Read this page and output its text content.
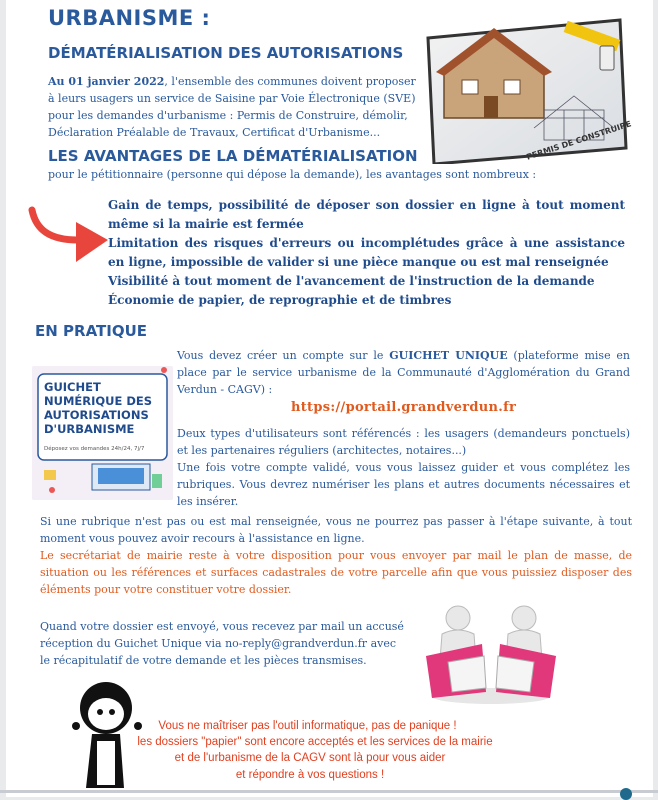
URBANISME :
DÉMATÉRIALISATION DES AUTORISATIONS
Au 01 janvier 2022, l'ensemble des communes doivent proposer
à leurs usagers un service de Saisine par Voie Électronique (SVE)
pour les demandes d'urbanisme : Permis de Construire, démolir,
Déclaration Préalable de Travaux, Certificat d'Urbanisme...	PERMIS DE CONSTRUIRE
LES AVANTAGES DE LA DÉMATÉRIALISATION
pour le pétitionnaire (personne qui dépose la demande), les avantages sont nombreux :
Gain de temps, possibilité de déposer son dossier en ligne à tout moment même si la mairie est fermée
Limitation des risques d'erreurs ou incomplétudes grâce à une assistance en ligne, impossible de valider si une pièce manque ou est mal renseignée
Visibilité à tout moment de l'avancement de l'instruction de la demande
Économie de papier, de reprographie et de timbres
EN PRATIQUE
GUICHET
NUMÉRIQUE DES
AUTORISATIONS
D'URBANISME
Déposez vos demandes 24h/24, 7j/7
Vous devez créer un compte sur le GUICHET UNIQUE (plateforme mise en place par le service urbanisme de la Communauté d'Agglomération du Grand Verdun - CAGV) :
https://portail.grandverdun.fr
Deux types d'utilisateurs sont référencés : les usagers (demandeurs ponctuels) et les partenaires réguliers (architectes, notaires...)
Une fois votre compte validé, vous vous laissez guider et vous complétez les rubriques. Vous devrez numériser les plans et autres documents nécessaires et les insérer.
Si une rubrique n'est pas ou est mal renseignée, vous ne pourrez pas passer à l'étape suivante, à tout moment vous pouvez avoir recours à l'assistance en ligne.
Le secrétariat de mairie reste à votre disposition pour vous envoyer par mail le plan de masse, de situation ou les références et surfaces cadastrales de votre parcelle afin que vous puissiez disposer des éléments pour votre constituer votre dossier.
Quand votre dossier est envoyé, vous recevez par mail un accusé
réception du Guichet Unique via no-reply@grandverdun.fr avec
le récapitulatif de votre demande et les pièces transmises.
Vous ne maîtriser pas l'outil informatique, pas de panique !
les dossiers "papier" sont encore acceptés et les services de la mairie
et de l'urbanisme de la CAGV sont là pour vous aider
et répondre à vos questions !
